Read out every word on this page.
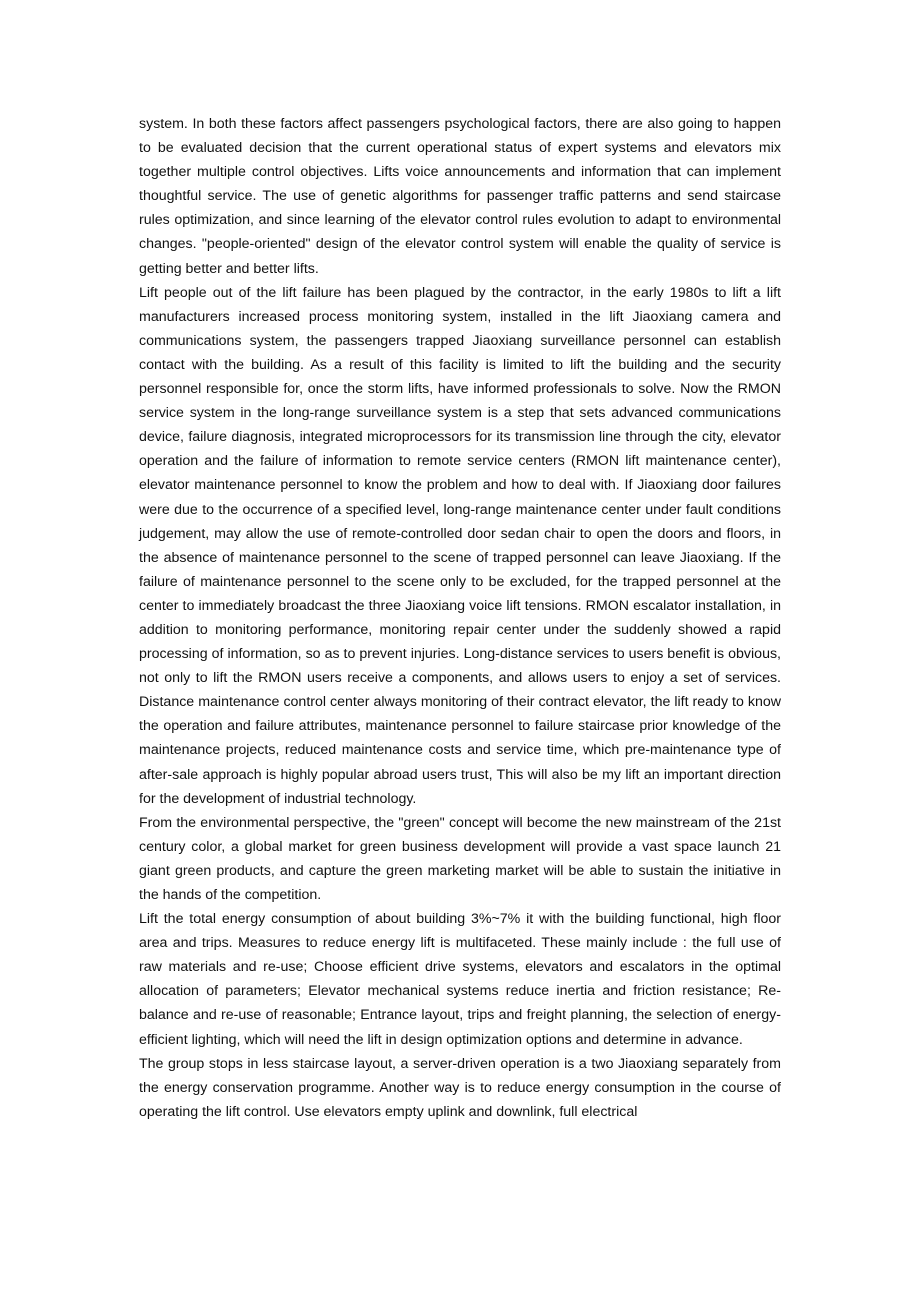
system. In both these factors affect passengers psychological factors, there are also going to happen to be evaluated decision that the current operational status of expert systems and elevators mix together multiple control objectives. Lifts voice announcements and information that can implement thoughtful service. The use of genetic algorithms for passenger traffic patterns and send staircase rules optimization, and since learning of the elevator control rules evolution to adapt to environmental changes. "people-oriented" design of the elevator control system will enable the quality of service is getting better and better lifts.

Lift people out of the lift failure has been plagued by the contractor, in the early 1980s to lift a lift manufacturers increased process monitoring system, installed in the lift Jiaoxiang camera and communications system, the passengers trapped Jiaoxiang surveillance personnel can establish contact with the building. As a result of this facility is limited to lift the building and the security personnel responsible for, once the storm lifts, have informed professionals to solve. Now the RMON service system in the long-range surveillance system is a step that sets advanced communications device, failure diagnosis, integrated microprocessors for its transmission line through the city, elevator operation and the failure of information to remote service centers (RMON lift maintenance center), elevator maintenance personnel to know the problem and how to deal with. If Jiaoxiang door failures were due to the occurrence of a specified level, long-range maintenance center under fault conditions judgement, may allow the use of remote-controlled door sedan chair to open the doors and floors, in the absence of maintenance personnel to the scene of trapped personnel can leave Jiaoxiang. If the failure of maintenance personnel to the scene only to be excluded, for the trapped personnel at the center to immediately broadcast the three Jiaoxiang voice lift tensions. RMON escalator installation, in addition to monitoring performance, monitoring repair center under the suddenly showed a rapid processing of information, so as to prevent injuries. Long-distance services to users benefit is obvious, not only to lift the RMON users receive a components, and allows users to enjoy a set of services. Distance maintenance control center always monitoring of their contract elevator, the lift ready to know the operation and failure attributes, maintenance personnel to failure staircase prior knowledge of the maintenance projects, reduced maintenance costs and service time, which pre-maintenance type of after-sale approach is highly popular abroad users trust, This will also be my lift an important direction for the development of industrial technology.

From the environmental perspective, the "green" concept will become the new mainstream of the 21st century color, a global market for green business development will provide a vast space launch 21 giant green products, and capture the green marketing market will be able to sustain the initiative in the hands of the competition.

Lift the total energy consumption of about building 3%~7% it with the building functional, high floor area and trips. Measures to reduce energy lift is multifaceted. These mainly include : the full use of raw materials and re-use; Choose efficient drive systems, elevators and escalators in the optimal allocation of parameters; Elevator mechanical systems reduce inertia and friction resistance; Re-balance and re-use of reasonable; Entrance layout, trips and freight planning, the selection of energy-efficient lighting, which will need the lift in design optimization options and determine in advance.

The group stops in less staircase layout, a server-driven operation is a two Jiaoxiang separately from the energy conservation programme. Another way is to reduce energy consumption in the course of operating the lift control. Use elevators empty uplink and downlink, full electrical
